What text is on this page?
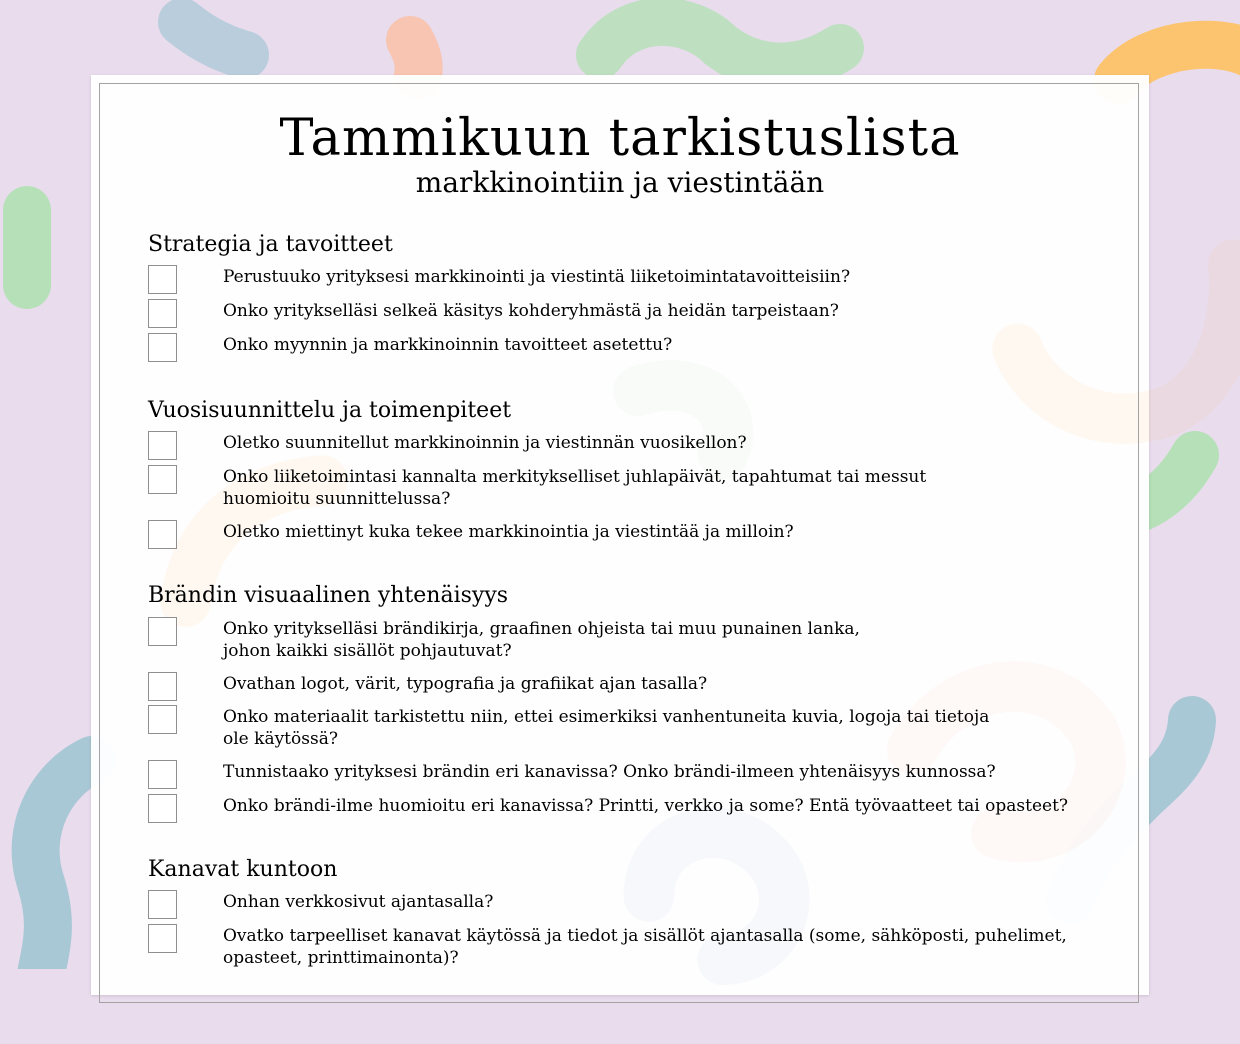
Tammikuun tarkistuslista
markkinointiin ja viestintään
Strategia ja tavoitteet

Perustuuko yrityksesi markkinointi ja viestintä liiketoimintatavoitteisiin?

Onko yritykselläsi selkeä käsitys kohderyhmästä ja heidän tarpeistaan?

Onko myynnin ja markkinoinnin tavoitteet asetettu?

Vuosisuunnittelu ja toimenpiteet

Oletko suunnitellut markkinoinnin ja viestinnän vuosikellon?

Onko liiketoimintasi kannalta merkitykselliset juhlapäivät, tapahtumat tai messut
huomioitu suunnittelussa?

Oletko miettinyt kuka tekee markkinointia ja viestintää ja milloin?

Brändin visuaalinen yhtenäisyys

Onko yritykselläsi brändikirja, graafinen ohjeista tai muu punainen lanka,
johon kaikki sisällöt pohjautuvat?

Ovathan logot, värit, typografia ja grafiikat ajan tasalla?

Onko materiaalit tarkistettu niin, ettei esimerkiksi vanhentuneita kuvia, logoja tai tietoja
ole käytössä?

Tunnistaako yrityksesi brändin eri kanavissa? Onko brändi-ilmeen yhtenäisyys kunnossa?

Onko brändi-ilme huomioitu eri kanavissa? Printti, verkko ja some? Entä työvaatteet tai opasteet?

Kanavat kuntoon

Onhan verkkosivut ajantasalla?

Ovatko tarpeelliset kanavat käytössä ja tiedot ja sisällöt ajantasalla (some, sähköposti, puhelimet,
opasteet, printtimainonta)?
